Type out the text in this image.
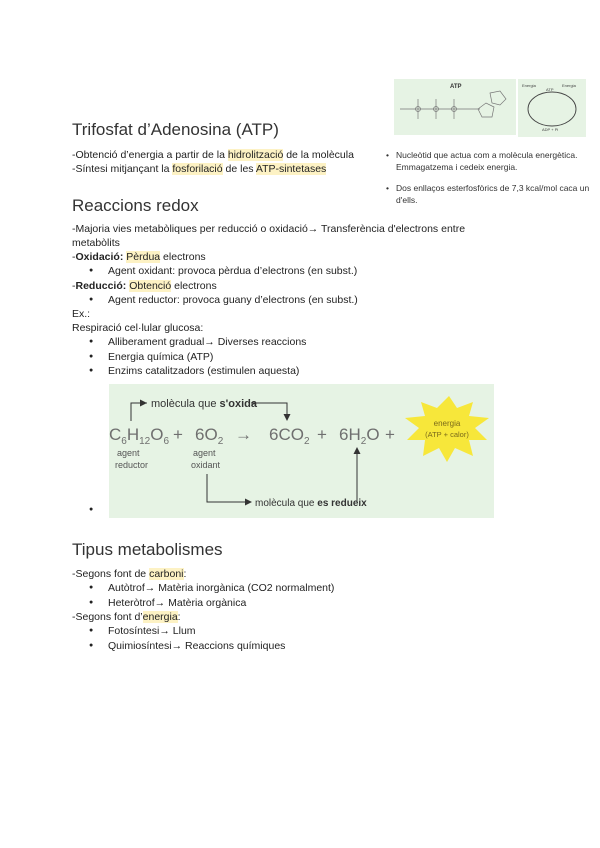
ATP	Energia	Energia
ATP
ADP + Pi
• Nucleòtid que actua com a molècula energètica. Emmagatzema i cedeix energia.
• Dos enllaços esterfosfòrics de 7,3 kcal/mol caca un d'ells.
Trifosfat d’Adenosina (ATP)
-Obtenció d’energia a partir de la hidrolització de la molècula
-Síntesi mitjançant la fosforilació de les ATP-sintetases
Reaccions redox
-Majoria vies metabòliques per reducció o oxidació→ Transferència d'electrons entre
metabòlits
-Oxidació: Pèrdua electrons
● Agent oxidant: provoca pèrdua d’electrons (en subst.)
-Reducció: Obtenció electrons
● Agent reductor: provoca guany d’electrons (en subst.)
Ex.:
Respiració cel·lular glucosa:
● Alliberament gradual→ Diverses reaccions
● Energia química (ATP)
● Enzims catalitzadors (estimulen aquesta)
molècula que s'oxida
$C_6H_{12}O_6 + 6O_2 \to 6CO_2 + 6H_2O$ +
energia
(ATP + calor)
agent
reductor
agent
oxidant
molècula que es redueix
●
Tipus metabolismes
-Segons font de carboni:
● Autòtrof→ Matèria inorgànica (CO2 normalment)
● Heteròtrof→ Matèria orgànica
-Segons font d’energia:
● Fotosíntesi→ Llum
● Quimiosíntesi→ Reaccions químiques
